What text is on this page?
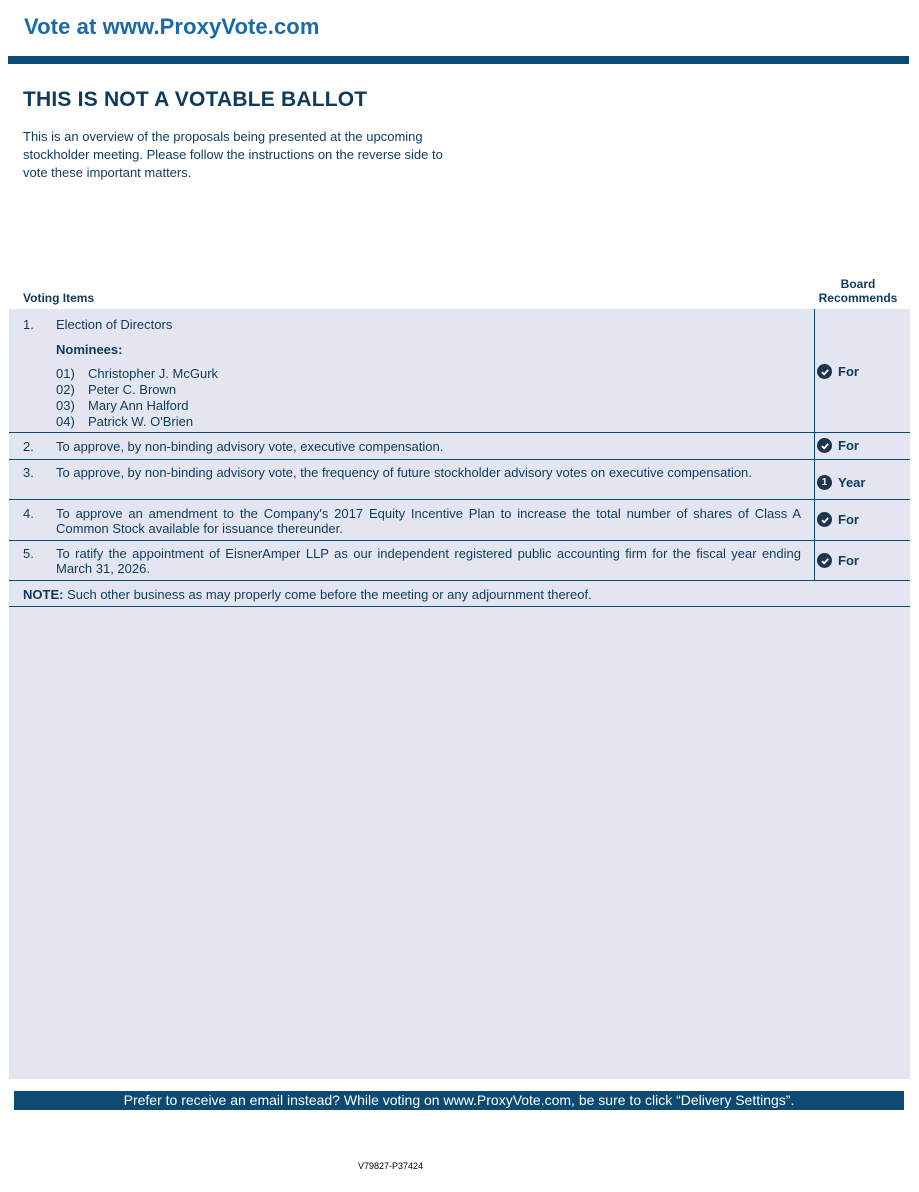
Vote at www.ProxyVote.com
THIS IS NOT A VOTABLE BALLOT

This is an overview of the proposals being presented at the upcoming stockholder meeting. Please follow the instructions on the reverse side to vote these important matters.

Voting Items
Board
Recommends
1. Election of Directors
Nominees:
01) Christopher J. McGurk
02) Peter C. Brown
03) Mary Ann Halford
04) Patrick W. O'Brien
For
2. To approve, by non-binding advisory vote, executive compensation.	For
3. To approve, by non-binding advisory vote, the frequency of future stockholder advisory votes on executive compensation.
1 Year
4. To approve an amendment to the Company's 2017 Equity Incentive Plan to increase the total number of shares of Class A Common Stock available for issuance thereunder.
For
5. To ratify the appointment of EisnerAmper LLP as our independent registered public accounting firm for the fiscal year ending March 31, 2026.
For
NOTE: Such other business as may properly come before the meeting or any adjournment thereof.
Prefer to receive an email instead? While voting on www.ProxyVote.com, be sure to click “Delivery Settings”.
V79827-P37424
